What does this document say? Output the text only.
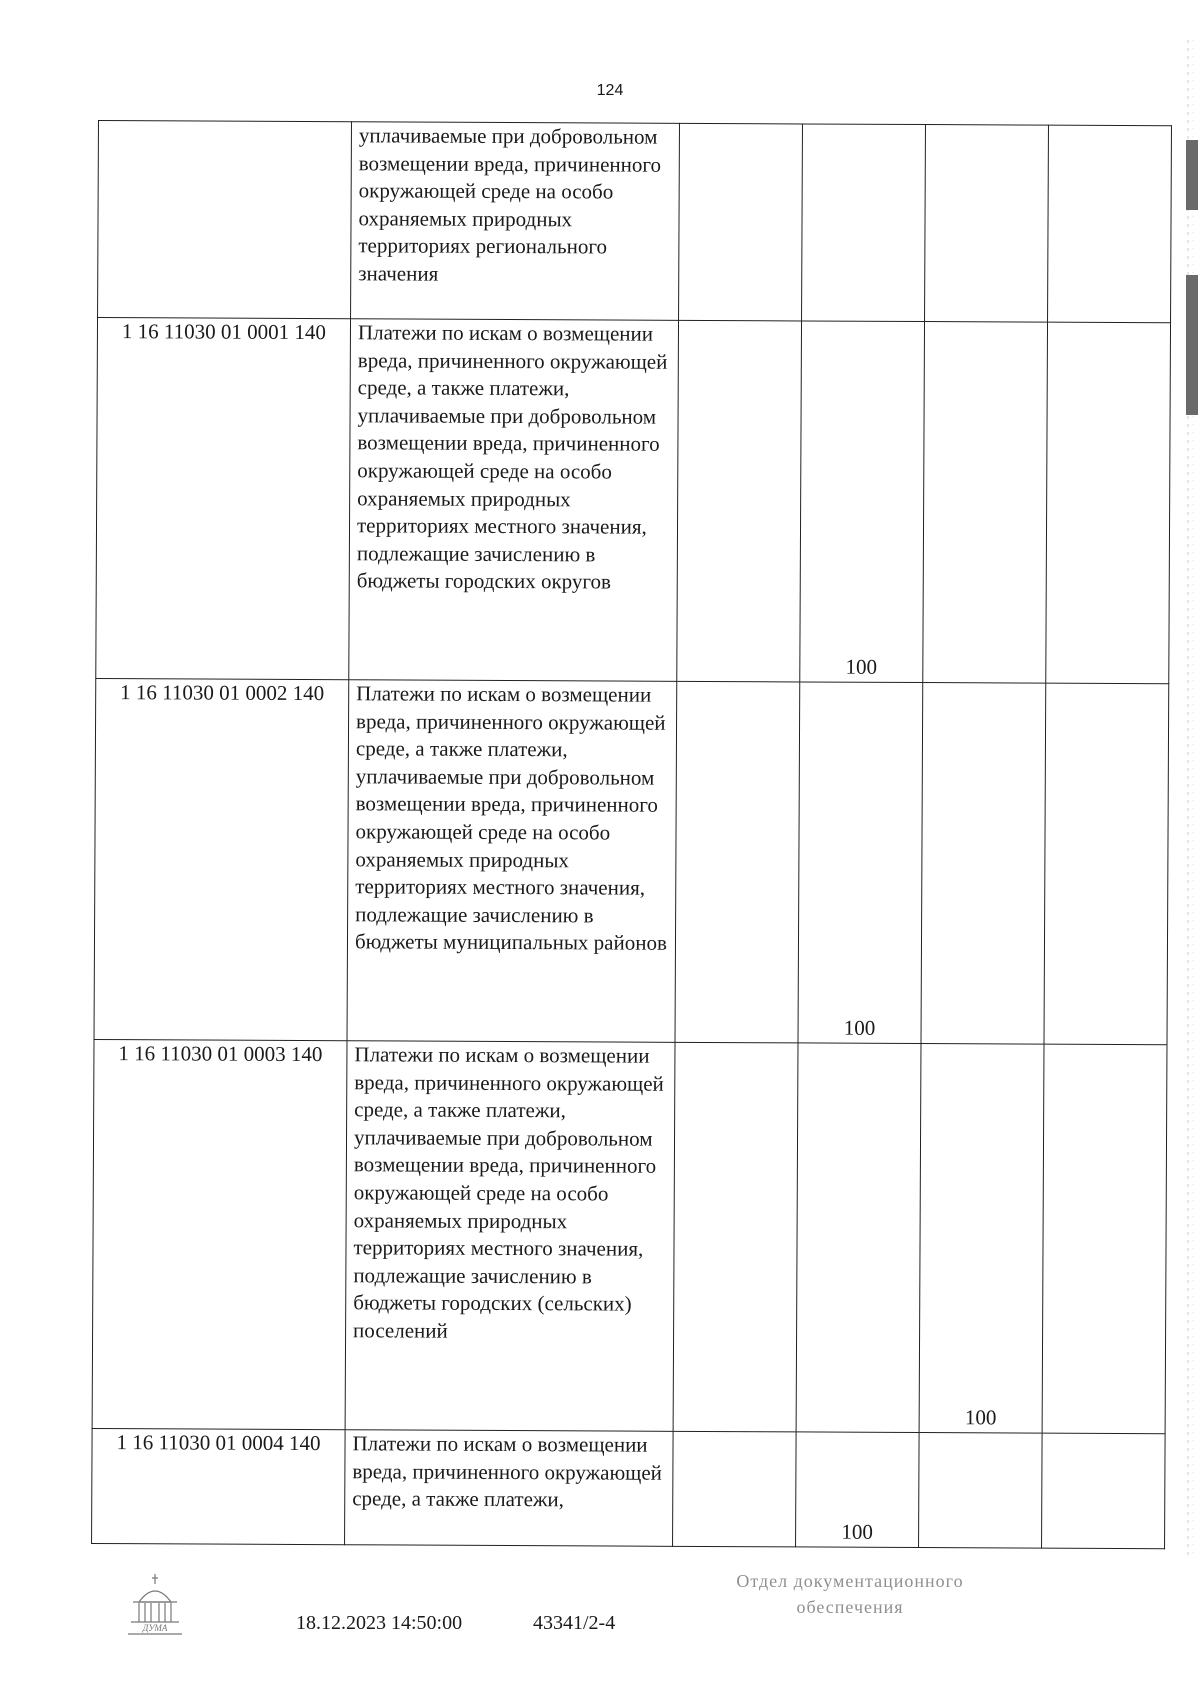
124
	уплачиваемые при добровольном возмещении вреда, причиненного окружающей среде на особо охраняемых природных территориях регионального значения	

1 16 11030 01 0001 140	Платежи по искам о возмещении вреда, причиненного окружающей среде, а также платежи, уплачиваемые при добровольном возмещении вреда, причиненного окружающей среде на особо охраняемых природных территориях местного значения, подлежащие зачислению в бюджеты городских округов		100		

1 16 11030 01 0002 140	Платежи по искам о возмещении вреда, причиненного окружающей среде, а также платежи, уплачиваемые при добровольном возмещении вреда, причиненного окружающей среде на особо охраняемых природных территориях местного значения, подлежащие зачислению в бюджеты муниципальных районов		100		

1 16 11030 01 0003 140	Платежи по искам о возмещении вреда, причиненного окружающей среде, а также платежи, уплачиваемые при добровольном возмещении вреда, причиненного окружающей среде на особо охраняемых природных территориях местного значения, подлежащие зачислению в бюджеты городских (сельских) поселений			100	

1 16 11030 01 0004 140	Платежи по искам о возмещении вреда, причиненного окружающей среде, а также платежи,		100		

ДУМА	18.12.2023 14:50:00	43341/2-4
Отдел документационного
обеспечения
